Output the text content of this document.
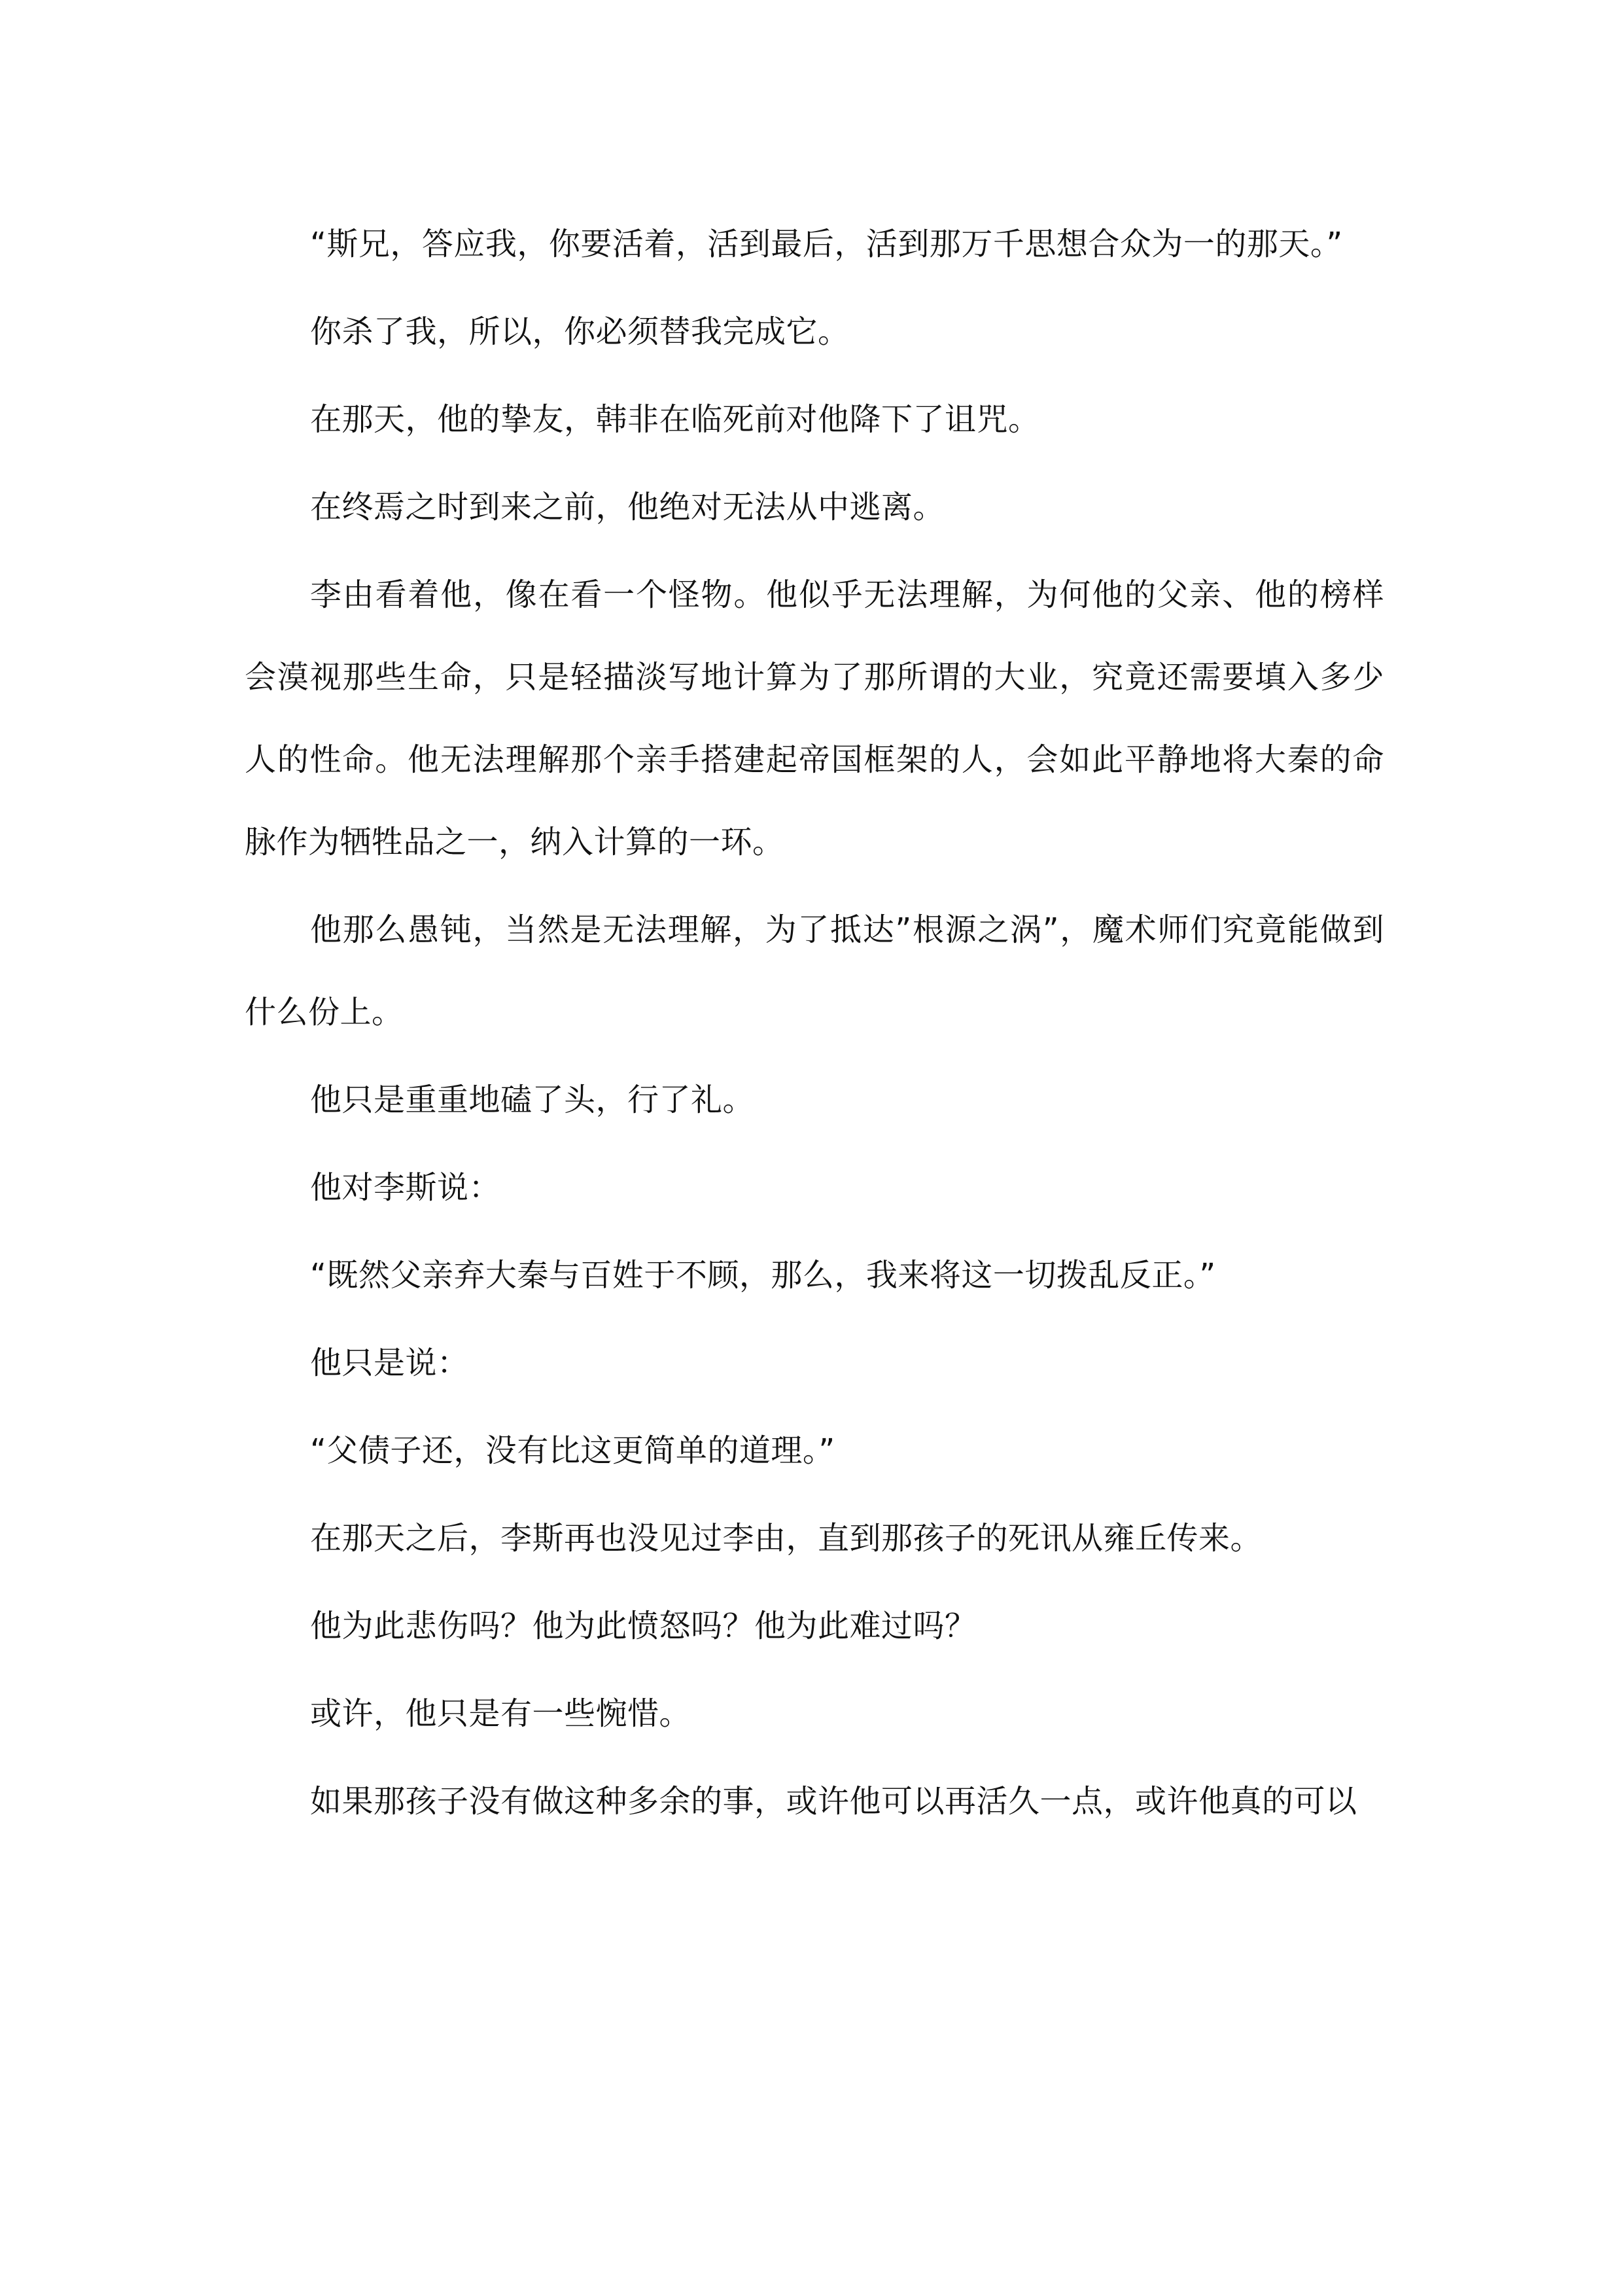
“斯兄，答应我，你要活着，活到最后，活到那万千思想合众为一的那天。”

你杀了我，所以，你必须替我完成它。

在那天，他的挚友，韩非在临死前对他降下了诅咒。

在终焉之时到来之前，他绝对无法从中逃离。

李由看着他，像在看一个怪物。他似乎无法理解，为何他的父亲、他的榜样会漠视那些生命，只是轻描淡写地计算为了那所谓的大业，究竟还需要填入多少人的性命。他无法理解那个亲手搭建起帝国框架的人，会如此平静地将大秦的命脉作为牺牲品之一，纳入计算的一环。

他那么愚钝，当然是无法理解，为了抵达”根源之涡”，魔术师们究竟能做到什么份上。

他只是重重地磕了头，行了礼。

他对李斯说：

“既然父亲弃大秦与百姓于不顾，那么，我来将这一切拨乱反正。”

他只是说：

“父债子还，没有比这更简单的道理。”

在那天之后，李斯再也没见过李由，直到那孩子的死讯从雍丘传来。

他为此悲伤吗？他为此愤怒吗？他为此难过吗？

或许，他只是有一些惋惜。

如果那孩子没有做这种多余的事，或许他可以再活久一点，或许他真的可以
